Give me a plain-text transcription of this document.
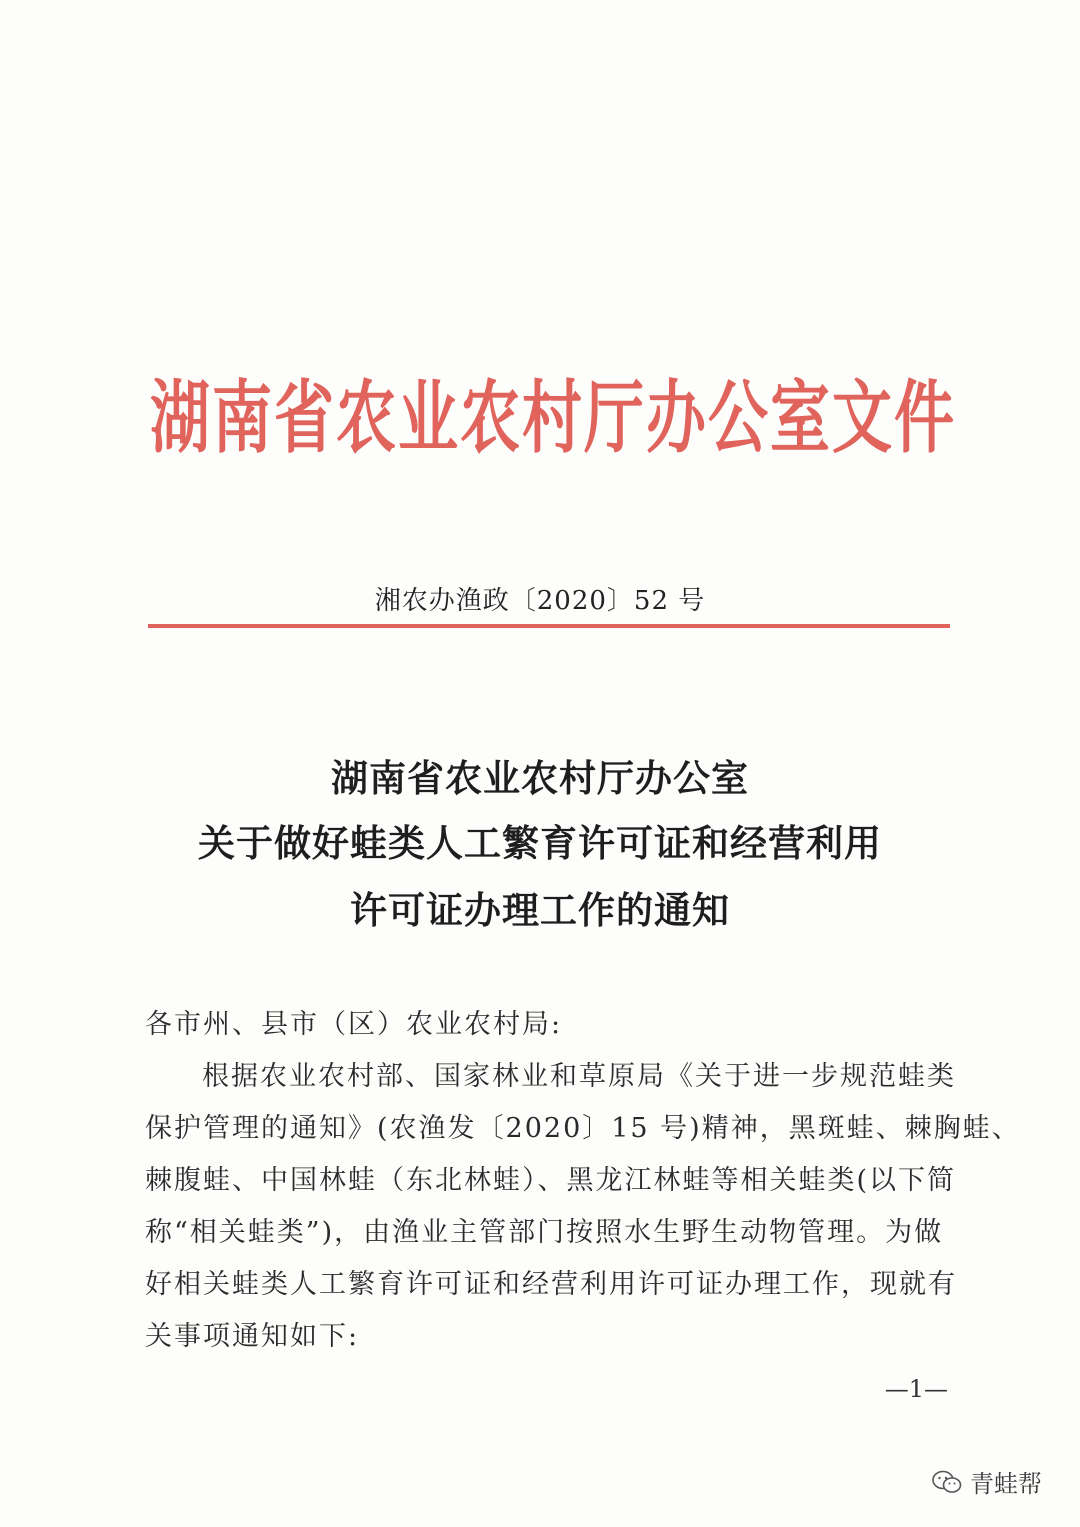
湖南省农业农村厅办公室文件
湘农办渔政〔2020〕52 号
湖南省农业农村厅办公室
关于做好蛙类人工繁育许可证和经营利用
许可证办理工作的通知
各市州、县市（区）农业农村局:
根据农业农村部、国家林业和草原局《关于进一步规范蛙类
保护管理的通知》(农渔发〔2020〕15 号)精神，黑斑蛙、棘胸蛙、
棘腹蛙、中国林蛙（东北林蛙）、黑龙江林蛙等相关蛙类(以下简
称“相关蛙类”)，由渔业主管部门按照水生野生动物管理。为做
好相关蛙类人工繁育许可证和经营利用许可证办理工作，现就有
关事项通知如下:
—1—
青蛙帮
